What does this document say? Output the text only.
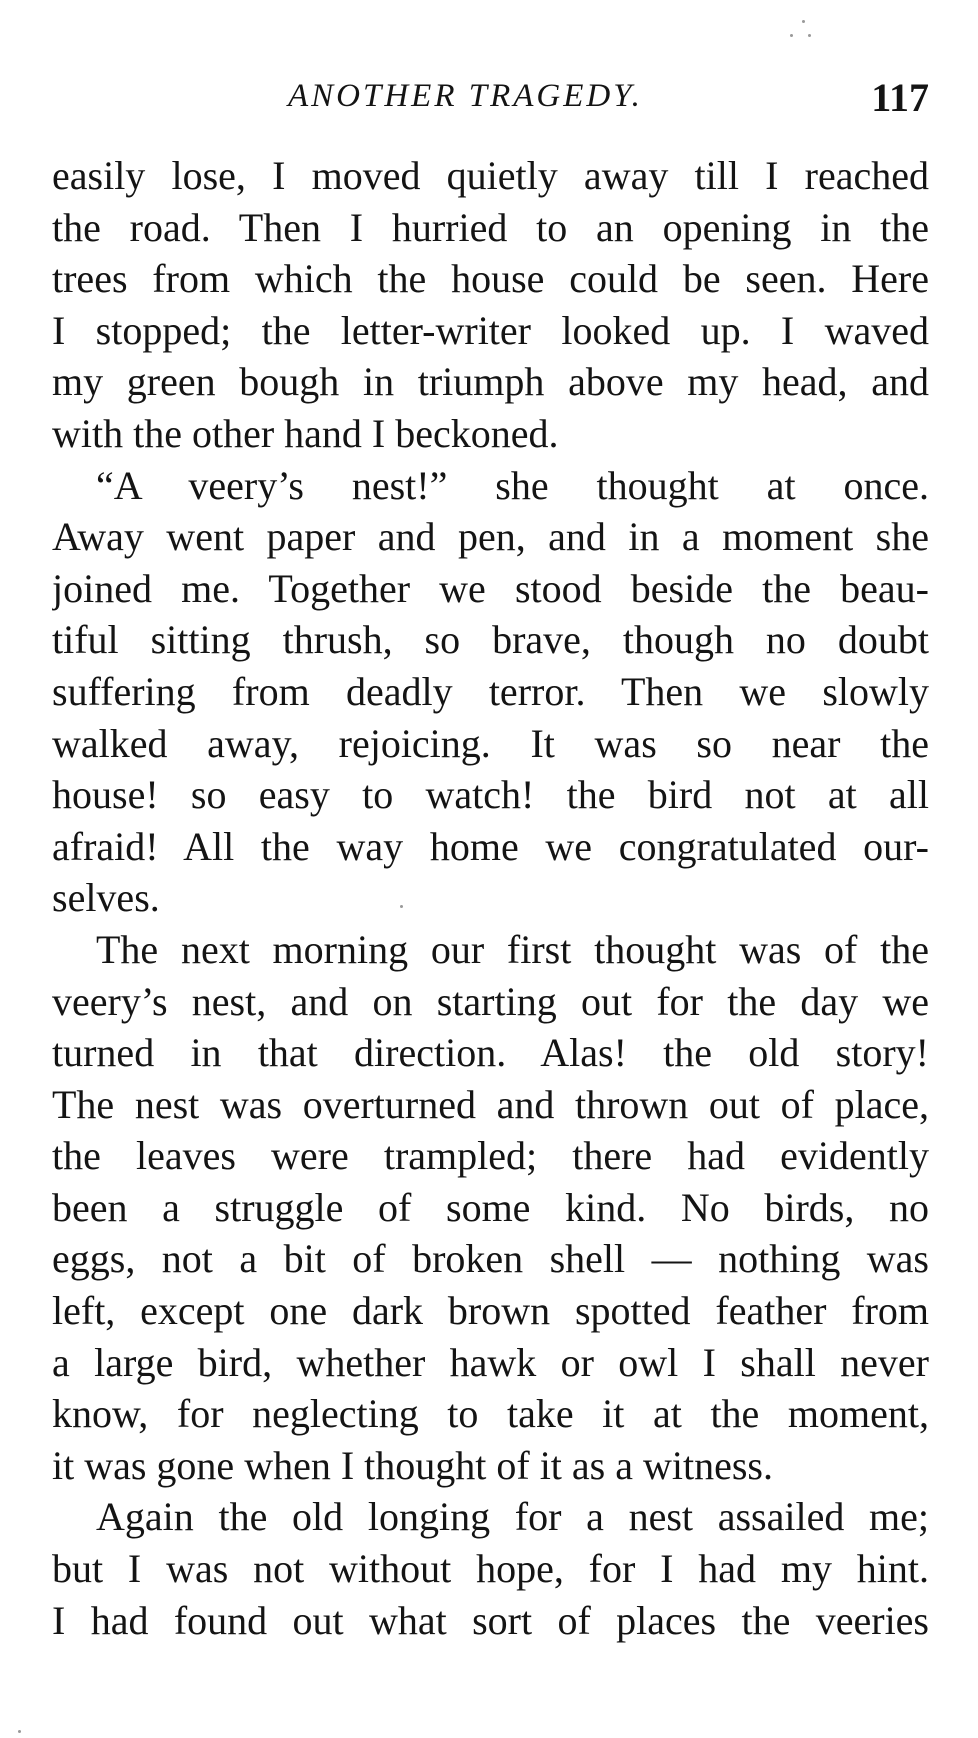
ANOTHER TRAGEDY.	117
easily lose, I moved quietly away till I reached
the road. Then I hurried to an opening in the
trees from which the house could be seen. Here
I stopped; the letter-writer looked up. I waved
my green bough in triumph above my head, and
with the other hand I beckoned.
“A veery’s nest!” she thought at once.
Away went paper and pen, and in a moment she
joined me. Together we stood beside the beau-
tiful sitting thrush, so brave, though no doubt
suffering from deadly terror. Then we slowly
walked away, rejoicing. It was so near the
house! so easy to watch! the bird not at all
afraid! All the way home we congratulated our-
selves.
The next morning our first thought was of the
veery’s nest, and on starting out for the day we
turned in that direction. Alas! the old story!
The nest was overturned and thrown out of place,
the leaves were trampled; there had evidently
been a struggle of some kind. No birds, no
eggs, not a bit of broken shell — nothing was
left, except one dark brown spotted feather from
a large bird, whether hawk or owl I shall never
know, for neglecting to take it at the moment,
it was gone when I thought of it as a witness.
Again the old longing for a nest assailed me;
but I was not without hope, for I had my hint.
I had found out what sort of places the veeries
